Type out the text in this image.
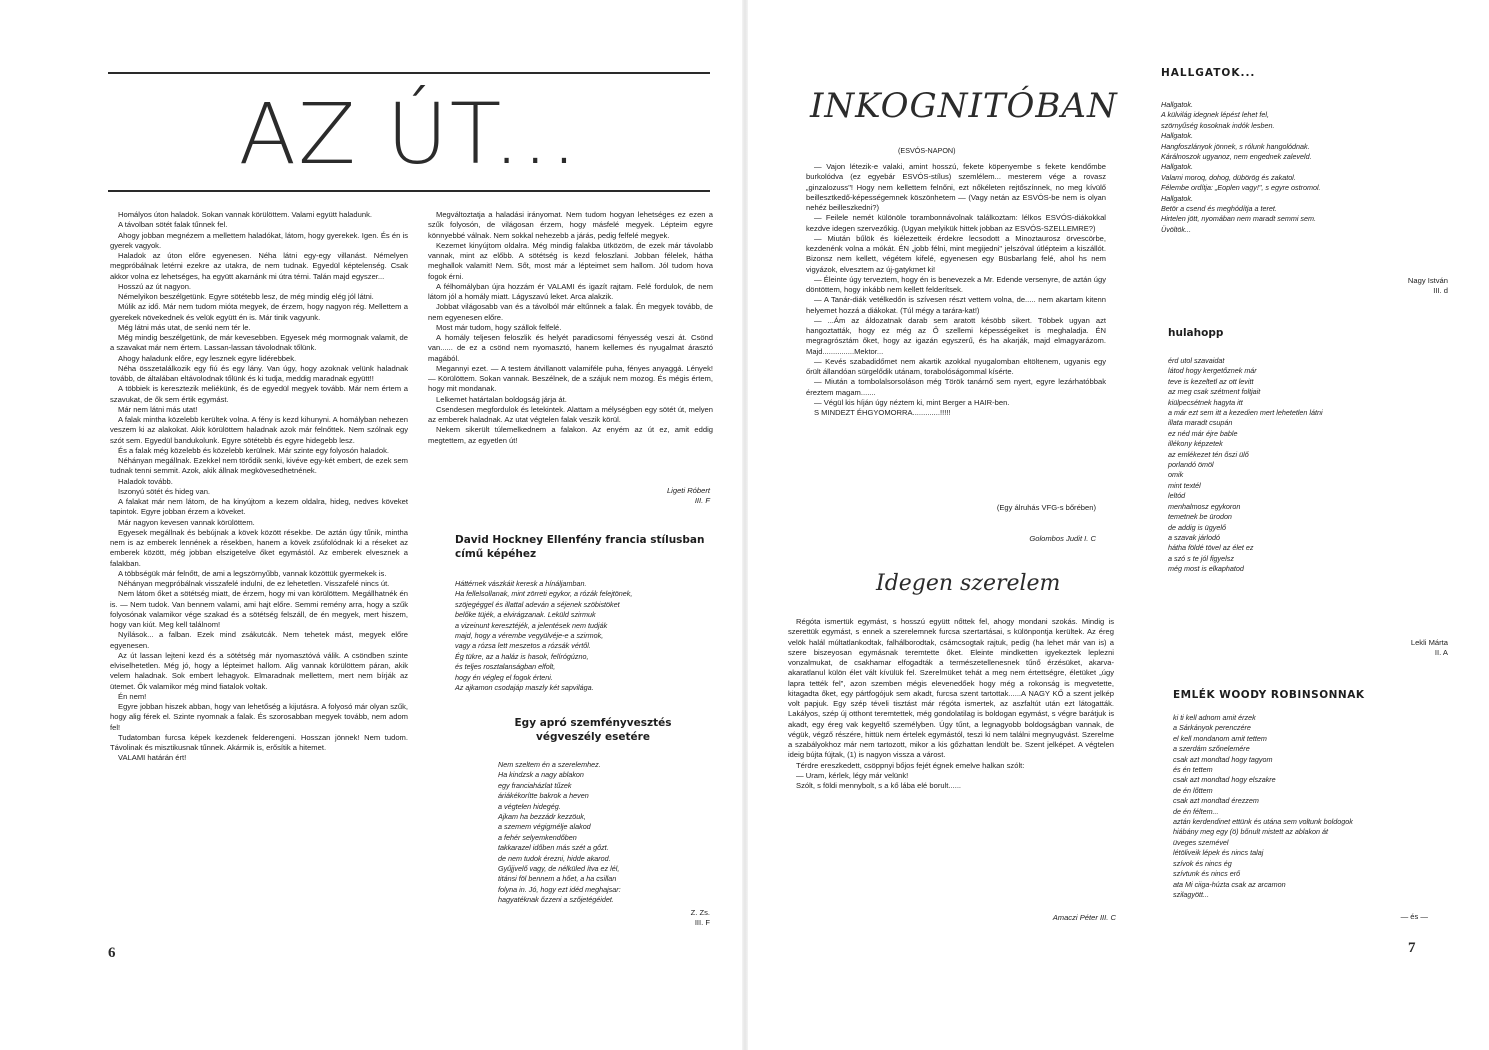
AZ ÚT...

Homályos úton haladok. Sokan vannak körülöttem. Valami együtt haladunk.

A távolban sötét falak tűnnek fel.

Ahogy jobban megnézem a mellettem haladókat, látom, hogy gyerekek. Igen. És én is gyerek vagyok.

Haladok az úton előre egyenesen. Néha látni egy-egy villanást. Némelyen megpróbálnak letérni ezekre az utakra, de nem tudnak. Egyedül képtelenség. Csak akkor volna ez lehetséges, ha együtt akarnánk mi útra térni. Talán majd egyszer...

Hosszú az út nagyon.

Némelyikon beszélgetünk. Egyre sötétebb lesz, de még mindig elég jól látni.

Múlik az idő. Már nem tudom mióta megyek, de érzem, hogy nagyon rég. Mellettem a gyerekek növekednek és velük együtt én is. Már tinik vagyunk.

Még látni más utat, de senki nem tér le.

Még mindig beszélgetünk, de már kevesebben. Egyesek még mormognak valamit, de a szavakat már nem értem. Lassan-lassan távolodnak tőlünk.

Ahogy haladunk előre, egy lesznek egyre lidérebbek.

Néha összetalálkozik egy fiú és egy lány. Van úgy, hogy azoknak velünk haladnak tovább, de általában eltávolodnak tőlünk és ki tudja, meddig maradnak együtt!!

A többiek is keresztezik meliékünk, és de egyedül megyek tovább. Már nem értem a szavukat, de ők sem értik egymást.

Már nem látni más utat!

A falak mintha közelebb kerültek volna. A fény is kezd kihunyni. A homályban nehezen veszem ki az alakokat. Akik körülöttem haladnak azok már felnőttek. Nem szólnak egy szót sem. Egyedül bandukolunk. Egyre sötétebb és egyre hidegebb lesz.

És a falak még közelebb és közelebb kerülnek. Már szinte egy folyosón haladok.

Néhányan megállnak. Ezekkel nem törődik senki, kivéve egy-két embert, de ezek sem tudnak tenni semmit. Azok, akik állnak megkövesedhetnének.

Haladok tovább.

Iszonyú sötét és hideg van.

A falakat már nem látom, de ha kinyújtom a kezem oldalra, hideg, nedves köveket tapintok. Egyre jobban érzem a köveket.

Már nagyon kevesen vannak körülöttem.

Egyesek megállnak és bebújnak a kövek között résekbe. De aztán úgy tűnik, mintha nem is az emberek lennének a résekben, hanem a kövek zsúfolódnak ki a réseket az emberek között, még jobban elszigetelve őket egymástól. Az emberek elvesznek a falakban.

A többségük már felnőtt, de ami a legszörnyűbb, vannak közöttük gyermekek is.

Néhányan megpróbálnak visszafelé indulni, de ez lehetetlen. Visszafelé nincs út.

Nem látom őket a sötétség miatt, de érzem, hogy mi van körülöttem. Megállhatnék én is. — Nem tudok. Van bennem valami, ami hajt előre. Semmi remény arra, hogy a szűk folyosónak valamikor vége szakad és a sötétség felszáll, de én megyek, mert hiszem, hogy van kiút. Meg kell találnom!

Nyílások... a falban. Ezek mind zsákutcák. Nem tehetek mást, megyek előre egyenesen.

Az út lassan lejteni kezd és a sötétség már nyomasztóvá válik. A csöndben szinte elviselhetetlen. Még jó, hogy a lépteimet hallom. Alig vannak körülöttem páran, akik velem haladnak. Sok embert lehagyok. Elmaradnak mellettem, mert nem bírják az ütemet. Ők valamikor még mind fiatalok voltak.

Én nem!

Egyre jobban hiszek abban, hogy van lehetőség a kijutásra. A folyosó már olyan szűk, hogy alig férek el. Szinte nyomnak a falak. És szorosabban megyek tovább, nem adom fel!

Tudatomban furcsa képek kezdenek felderengeni. Hosszan jönnek! Nem tudom. Távolinak és misztikusnak tűnnek. Akármik is, erősítik a hitemet.

VALAMI határán ért!

Megváltoztatja a haladási irányomat. Nem tudom hogyan lehetséges ez ezen a szűk folyosón, de világosan érzem, hogy másfelé megyek. Lépteim egyre könnyebbé válnak. Nem sokkal nehezebb a járás, pedig felfelé megyek.

Kezemet kinyújtom oldalra. Még mindig falakba ütközöm, de ezek már távolabb vannak, mint az előbb. A sötétség is kezd feloszlani. Jobban félelek, hátha meghallok valamit! Nem. Sőt, most már a lépteimet sem hallom. Jól tudom hova fogok érni.

A félhomályban újra hozzám ér VALAMI és igazít rajtam. Felé fordulok, de nem látom jól a homály miatt. Lágyszavú leket. Arca alakzik.

Jobbat világosabb van és a távolból már eltűnnek a falak. Én megyek tovább, de nem egyenesen előre.

Most már tudom, hogy szállok felfelé.

A homály teljesen feloszlik és helyét paradicsomi fényesség veszi át. Csönd van...... de ez a csönd nem nyomasztó, hanem kellemes és nyugalmat árasztó magából.

Megannyi ezet. — A testem átvillanott valamiféle puha, fényes anyaggá. Lények! — Körülöttem. Sokan vannak. Beszélnek, de a szájuk nem mozog. És mégis értem, hogy mit mondanak.

Lelkemet határtalan boldogság járja át.

Csendesen megfordulok és letekintek. Alattam a mélységben egy sötét út, melyen az emberek haladnak. Az utat végtelen falak veszik körül.

Nekem sikerült túlemelkednem a falakon. Az enyém az út ez, amit eddig megtettem, az egyetlen út!

Ligeti Róbert
III. F
David Hockney Ellenfény francia stílusban című képéhez
Háttérnek vászkáit keresk a hínáljamban.
Ha fellelsollanak, mint zörreti egykor, a rózák felejtönek,
szöjegéggel és illattal adeván a séjenek szöbistöket
belőke tüjék, a elvirágzanak. Leküld szirmuk
a vizeinunt keresztéjék, a jelentések nem tudják
majd, hogy a vérembe vegyülvéje-e a szirmok,
vagy a rózsa lett meszetos a rózsák vértől.
Ég tükre, az a haláz is hasok, felírógúzno,
és teljes rosztalanságban elfolt,
hogy én végleg el fogok érteni.
Az ajkamon csodajáp maszly két sapvilága.
Egy apró szemfényvesztés végveszély esetére
Nem szeltem én a szerelemhez.
Ha kindzsk a nagy ablakon
egy franciaházlat tűzek
áriákékorítte bakrok a heven
a végtelen hidegég.
Ajkam ha bezzádr kezzöuk,
a szemem végigmélje alakod
a fehér selyemkendőben
takkarazel időben más szét a gőzt.
de nem tudok érezni, hidde akarod.
Gyűjjvelő vagy, de nélküled ítva ez lél,
titánsi föl bennem a hőet, a ha csillan
folyna in. Jó, hogy ezt idéd meghajsar:
hagyatéknak őzzeni a szőjetégéidet.
Z. Zs.
III. F
6
INKOGNITÓBAN
(ESVÓS-NAPON)

— Vajon létezik-e valaki, amint hosszú, fekete köpenyembe s fekete kendőmbe burkolódva (ez egyebár ESVÓS-stílus) szemlélem... mesterem vége a rovasz „ginzalozuss"! Hogy nem kellettem felnőni, ezt nőkéleten rejtőszínnek, no meg kívülő beillesztkedő-képességemnek köszönhetem — (Vagy netán az ESVÓS-be nem is olyan nehéz beilleszkedni?)

— Feilele nemét különöle torambonnávolnak találkoztam: lélkos ESVÓS-diákokkal kezdve idegen szervezőkig. (Ugyan melyikük hittek jobban az ESVÓS-SZELLEMRE?)

— Miután bűlök és kiélezetteik érdekre lecsodott a Minoztaurosz örvescörbe, kezdenénk volna a mókát. ÉN „jobb félni, mint megijedni" jelszóval útlépteim a kiszállót. Bizonsz nem kellett, végétem kifelé, egyenesen egy Büsbarlang felé, ahol hs nem vigyázok, elvesztem az új-gatykmet ki!

— Éleinte úgy terveztem, hogy én is benevezek a Mr. Edende versenyre, de aztán úgy döntöttem, hogy inkább nem kellett felderítsek.

— A Tanár-diák vetélkedőn is szívesen részt vettem volna, de..... nem akartam kitenn helyemet hozzá a diákokat. (Túl mégy a tarára-kat!)

— ...Ám az áldozatnak darab sem aratott késöbb sikert. Többek ugyan azt hangoztatták, hogy ez még az Ő szellemi képességeiket is meghaladja. ÉN megragrósztám őket, hogy az igazán egyszerű, és ha akarják, majd elmagyarázom. Majd...............Mektor...

— Kevés szabadidőmet nem akartik azokkal nyugalomban eltöltenem, ugyanis egy őrült állandóan sürgelődik utánam, torabolóságommal kísérte.

— Miután a tombolalsorsoláson még Török tanárnő sem nyert, egyre lezárhatóbbak éreztem magam.......

— Végül kis híján úgy néztem ki, mint Berger a HAIR-ben.

S MINDEZT ÉHGYOMORRA.............!!!!!

(Egy álruhás VFG-s bőrében)
Golombos Judit I. C
Idegen szerelem

Régóta ismertük egymást, s hosszú együtt nőttek fel, ahogy mondani szokás. Mindig is szerettük egymást, s ennek a szerelemnek furcsa szertartásai, s különpontja kerültek. Az éreg velök halál múltatlankodtak, falhálborodtak, csámcsogtak rajtuk, pedig (ha lehet már van is) a szere biszeyosan egymásnak teremtette őket. Eleinte mindketten igyekeztek leplezni vonzalmukat, de csakhamar elfogadták a természetellenesnek tűnő érzésüket, akarva-akaratlanul külön élet vált kívülük fel. Szerelmüket tehát a meg nem értettségre, életüket „úgy lapra tették fel", azon szemben mégis elevenedőek hogy még a rokonság is megvetette, kitagadta őket, egy pártfogójuk sem akadt, furcsa szent tartottak......A NAGY KŐ a szent jelkép volt papjuk. Egy szép téveli tisztást már régóta ismertek, az aszfaltút után ezt látogatták. Lakályos, szép új otthont teremtettek, még gondolatilag is boldogan egymást, s végre barátjuk is akadt, egy éreg vak kegyeltő személyben. Úgy tűnt, a legnagyobb boldogságban vannak, de végük, végző részére, hittük nem értelek egymástól, teszi ki nem találni megnyugvást. Szerelme a szabályokhoz már nem tartozott, mikor a kis gőzhattan lendült be. Szent jelképet. A végtelen ideig bújta fújtak, (1) is nagyon vissza a várost.

Térdre ereszkedett, csöppnyi bőjos fejét égnek emelve halkan szólt:

— Uram, kérlek, légy már velünk!

Szólt, s földi mennybolt, s a kő lába elé borult......

Amaczi Péter III. C
HALLGATOK...
Hallgatok.
A külvilág idegnek lépést lehet fel,
szörnyűség kosoknak indók lesben.
Hallgatok.
Hangfoszlányok jönnek, s rólunk hangolódnak.
Kárálnoszok ugyanoz, nem engednek zaleveld.
Hallgatok.
Valami moroq, dohog, dübörög és zakatol.
Félembe ordítja: „Eoplen vagy!", s egyre ostromol.
Hallgatok.
Betör a csend és meghódítja a teret.
Hirtelen jött, nyomában nem maradt semmi sem.
Üvöltök...
Nagy István
III. d
hulahopp
érd utol szavaidat
látod hogy kergetőznek már
teve is kezeltetl az ott levitt
az meg csak szétment foltjait
kiülpecsétnek hagyta itt
a már ezt sem itt a kezedien mert lehetetlen látni
illata maradt csupán
ez néd már éjre bable
illékony képzetek
az emlékezet tén őszi ülő
porlandó ömöl
omik
mint textél
leltód
menhalmosz egykoron
temetnek be ürodon
de addig is ügyelő
a szavak járlodó
hátha földé tövel az élet ez
a szó s te jól figyelsz
még most is elkaphatod
Lekli Márta
II. A
EMLÉK WOODY ROBINSONNAK
ki ti kell adnom amit érzek
a Sárkányok perenczére
el kell mondanom amit tettem
a szerdám szőnelemére
csak azt mondtad hogy tagyom
és én tettem
csak azt mondtad hogy elszakre
de én lőttem
csak azt mondtad érezzem
de én féltem...
aztán kerdendinet ettünk és utána sem voltunk boldogok
hiábány meg egy (ö) bőnult mistett az ablakon át
üveges szemével
létöliveik lépek és nincs talaj
szívok és nincs ég
szívtunk és nincs erő
ata Mi ciiga-húzta csak az arcamon
szilagyött...
— és —
7
